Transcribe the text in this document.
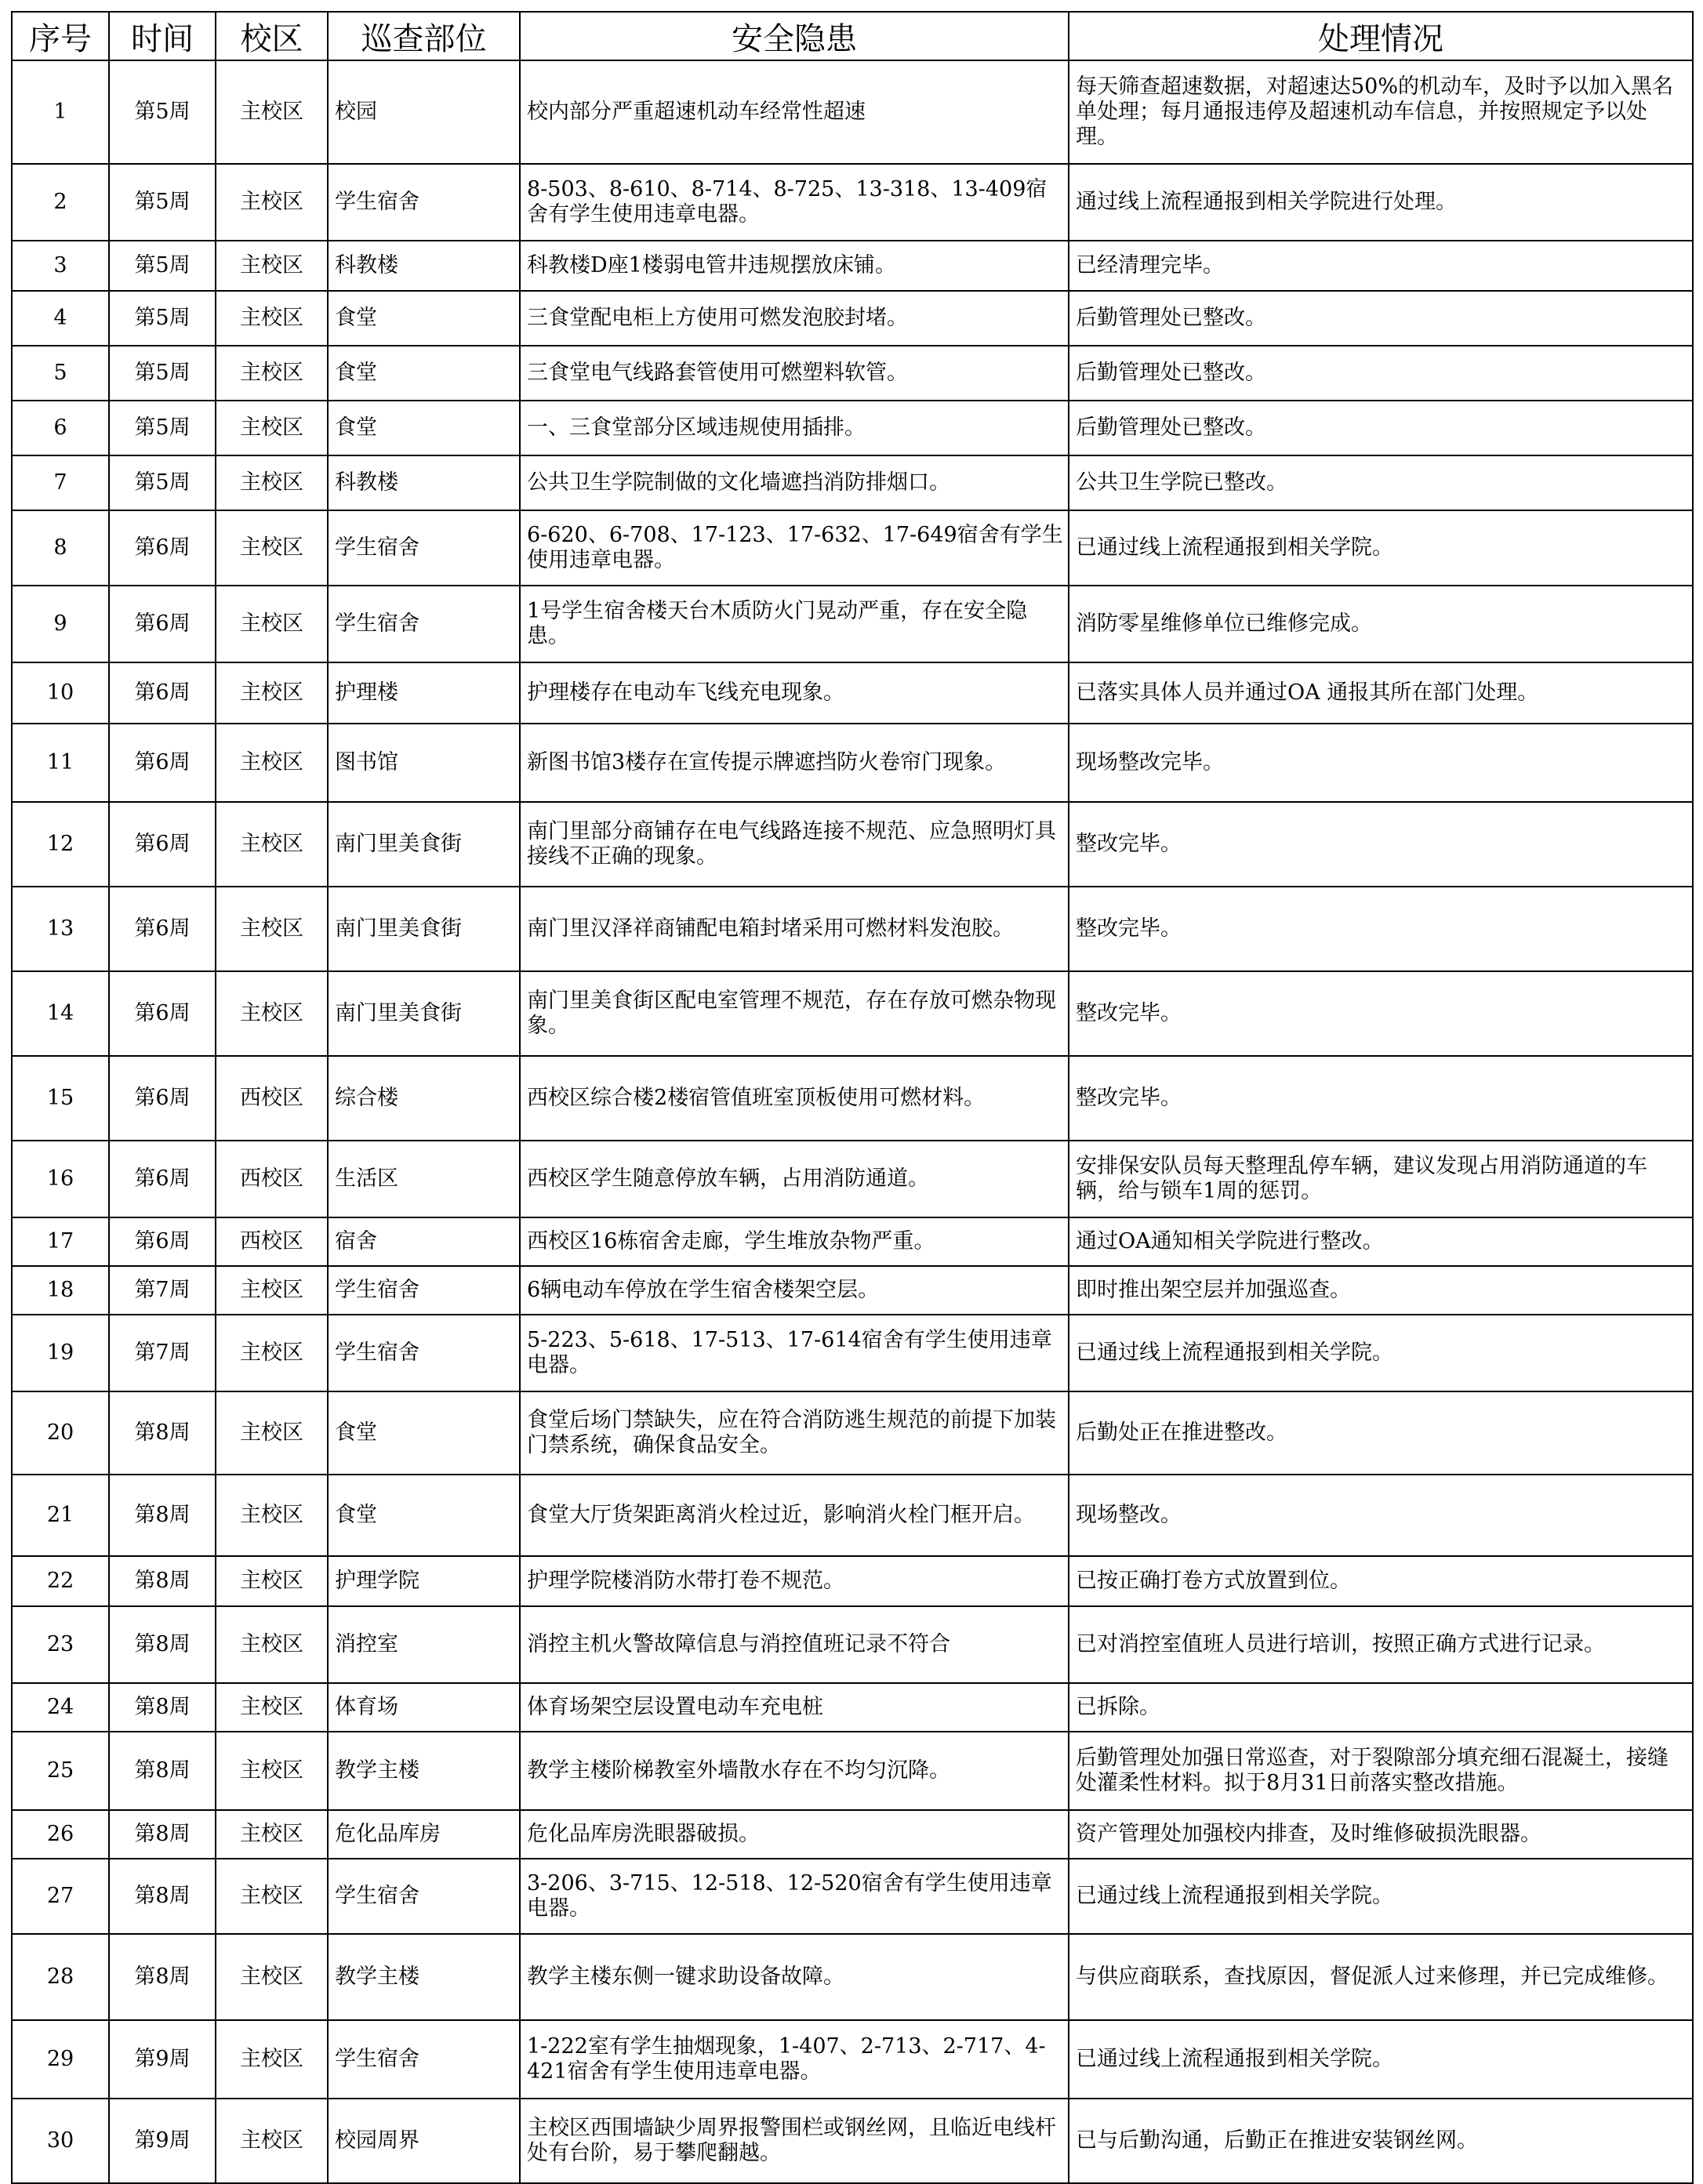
序号	时间	校区	巡查部位	安全隐患	处理情况
1	第5周	主校区	校园	校内部分严重超速机动车经常性超速	每天筛查超速数据，对超速达50%的机动车，及时予以加入黑名单处理；每月通报违停及超速机动车信息，并按照规定予以处理。
2	第5周	主校区	学生宿舍	8-503、8-610、8-714、8-725、13-318、13-409宿舍有学生使用违章电器。	通过线上流程通报到相关学院进行处理。
3	第5周	主校区	科教楼	科教楼D座1楼弱电管井违规摆放床铺。	已经清理完毕。
4	第5周	主校区	食堂	三食堂配电柜上方使用可燃发泡胶封堵。	后勤管理处已整改。
5	第5周	主校区	食堂	三食堂电气线路套管使用可燃塑料软管。	后勤管理处已整改。
6	第5周	主校区	食堂	一、三食堂部分区域违规使用插排。	后勤管理处已整改。
7	第5周	主校区	科教楼	公共卫生学院制做的文化墙遮挡消防排烟口。	公共卫生学院已整改。
8	第6周	主校区	学生宿舍	6-620、6-708、17-123、17-632、17-649宿舍有学生使用违章电器。	已通过线上流程通报到相关学院。
9	第6周	主校区	学生宿舍	1号学生宿舍楼天台木质防火门晃动严重，存在安全隐患。	消防零星维修单位已维修完成。
10	第6周	主校区	护理楼	护理楼存在电动车飞线充电现象。	已落实具体人员并通过OA 通报其所在部门处理。
11	第6周	主校区	图书馆	新图书馆3楼存在宣传提示牌遮挡防火卷帘门现象。	现场整改完毕。
12	第6周	主校区	南门里美食街	南门里部分商铺存在电气线路连接不规范、应急照明灯具接线不正确的现象。	整改完毕。
13	第6周	主校区	南门里美食街	南门里汉泽祥商铺配电箱封堵采用可燃材料发泡胶。	整改完毕。
14	第6周	主校区	南门里美食街	南门里美食街区配电室管理不规范，存在存放可燃杂物现象。	整改完毕。
15	第6周	西校区	综合楼	西校区综合楼2楼宿管值班室顶板使用可燃材料。	整改完毕。
16	第6周	西校区	生活区	西校区学生随意停放车辆，占用消防通道。	安排保安队员每天整理乱停车辆，建议发现占用消防通道的车辆，给与锁车1周的惩罚。
17	第6周	西校区	宿舍	西校区16栋宿舍走廊，学生堆放杂物严重。	通过OA通知相关学院进行整改。
18	第7周	主校区	学生宿舍	6辆电动车停放在学生宿舍楼架空层。	即时推出架空层并加强巡查。
19	第7周	主校区	学生宿舍	5-223、5-618、17-513、17-614宿舍有学生使用违章电器。	已通过线上流程通报到相关学院。
20	第8周	主校区	食堂	食堂后场门禁缺失，应在符合消防逃生规范的前提下加装门禁系统，确保食品安全。	后勤处正在推进整改。
21	第8周	主校区	食堂	食堂大厅货架距离消火栓过近，影响消火栓门框开启。	现场整改。
22	第8周	主校区	护理学院	护理学院楼消防水带打卷不规范。	已按正确打卷方式放置到位。
23	第8周	主校区	消控室	消控主机火警故障信息与消控值班记录不符合	已对消控室值班人员进行培训，按照正确方式进行记录。
24	第8周	主校区	体育场	体育场架空层设置电动车充电桩	已拆除。
25	第8周	主校区	教学主楼	教学主楼阶梯教室外墙散水存在不均匀沉降。	后勤管理处加强日常巡查，对于裂隙部分填充细石混凝土，接缝处灌柔性材料。拟于8月31日前落实整改措施。
26	第8周	主校区	危化品库房	危化品库房洗眼器破损。	资产管理处加强校内排查，及时维修破损洗眼器。
27	第8周	主校区	学生宿舍	3-206、3-715、12-518、12-520宿舍有学生使用违章电器。	已通过线上流程通报到相关学院。
28	第8周	主校区	教学主楼	教学主楼东侧一键求助设备故障。	与供应商联系，查找原因，督促派人过来修理，并已完成维修。
29	第9周	主校区	学生宿舍	1-222室有学生抽烟现象，1-407、2-713、2-717、4-421宿舍有学生使用违章电器。	已通过线上流程通报到相关学院。
30	第9周	主校区	校园周界	主校区西围墙缺少周界报警围栏或钢丝网，且临近电线杆处有台阶，易于攀爬翻越。	已与后勤沟通，后勤正在推进安装钢丝网。
